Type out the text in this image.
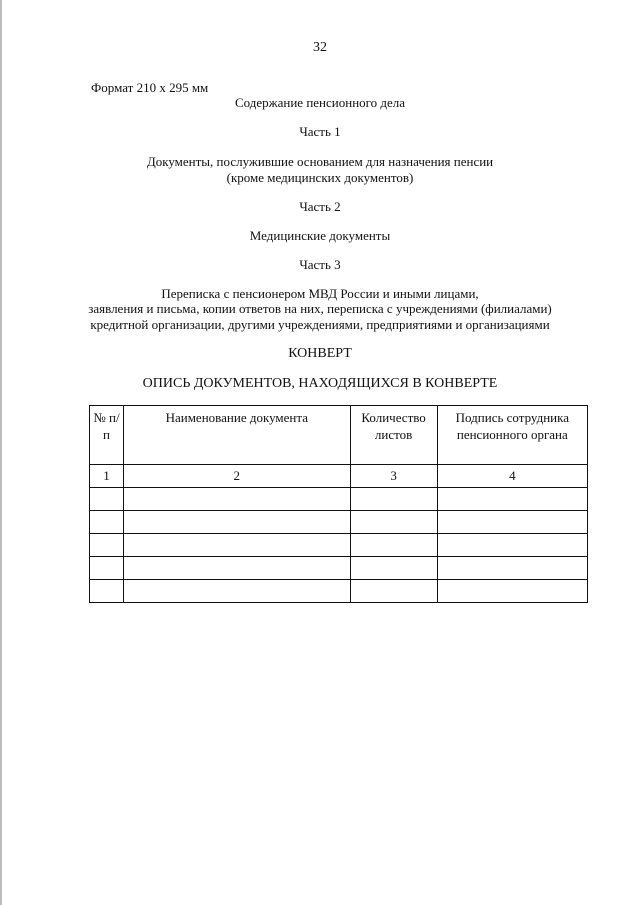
32
Формат 210 х 295 мм
Содержание пенсионного дела
Часть 1
Документы, послужившие основанием для назначения пенсии
(кроме медицинских документов)
Часть 2
Медицинские документы
Часть 3
Переписка с пенсионером МВД России и иными лицами,
заявления и письма, копии ответов на них, переписка с учреждениями (филиалами)
кредитной организации, другими учреждениями, предприятиями и организациями
КОНВЕРТ
ОПИСЬ ДОКУМЕНТОВ, НАХОДЯЩИХСЯ В КОНВЕРТЕ
№ п/п	Наименование документа	Количество листов	Подпись сотрудника пенсионного органа
1	2	3	4
